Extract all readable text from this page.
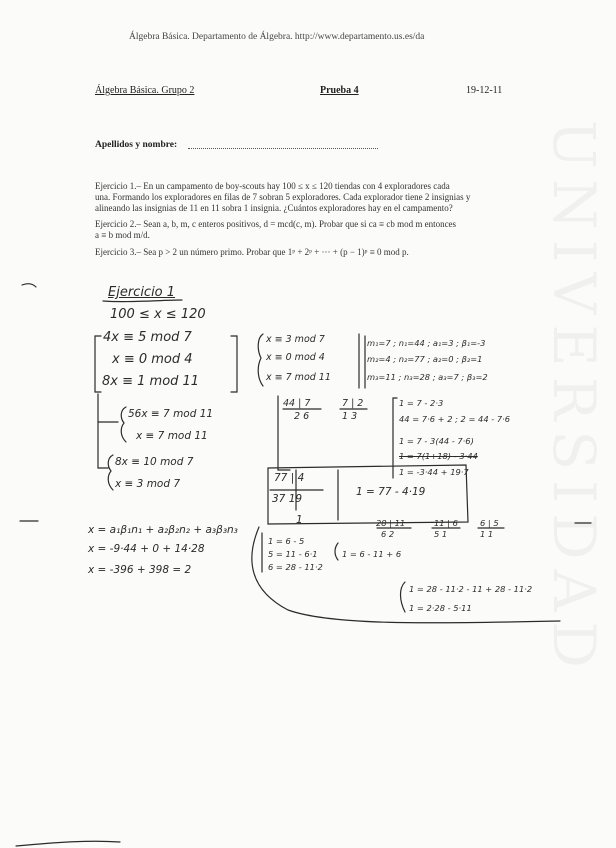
Álgebra Básica. Departamento de Álgebra. http://www.departamento.us.es/da
Álgebra Básica. Grupo 2	Prueba 4	19-12-11
Apellidos y nombre:
Ejercicio 1.– En un campamento de boy-scouts hay 100 ≤ x ≤ 120 tiendas con 4 exploradores cada
una. Formando los exploradores en filas de 7 sobran 5 exploradores. Cada explorador tiene 2 insignias y
alineando las insignias de 11 en 11 sobra 1 insignia. ¿Cuántos exploradores hay en el campamento?
Ejercicio 2.– Sean a, b, m, c enteros positivos, d = mcd(c, m). Probar que si ca ≡ cb mod m entonces
a ≡ b mod m/d.
Ejercicio 3.– Sea p > 2 un número primo. Probar que 1ᵖ + 2ᵖ + ··· + (p − 1)ᵖ ≡ 0 mod p.
Ejercicio 1
100 ≤ x ≤ 120
4x ≡ 5 mod 7
x ≡ 0 mod 4
8x ≡ 1 mod 11
56x ≡ 7 mod 11
x ≡ 7 mod 11
8x ≡ 10 mod 7
x ≡ 3 mod 7
x ≡ 3 mod 7
x ≡ 0 mod 4
x ≡ 7 mod 11
m₁=7 ; n₁=44 ; a₁=3 ; β₁=-3
m₂=4 ; n₂=77 ; a₂=0 ; β₂=1
m₃=11 ; n₃=28 ; a₃=7 ; β₃=2
44 | 7
2 6
7 | 2
1 3
1 = 7 - 2·3
44 = 7·6 + 2 ; 2 = 44 - 7·6
1 = 7 - 3(44 - 7·6)
1 = 7(1+18) - 3·44
1 = -3·44 + 19·7
77 | 4
37 19
1
1 = 77 - 4·19
28 | 11
6 2
11 | 6
5 1
6 | 5
1 1
x = a₁β₁n₁ + a₂β₂n₂ + a₃β₃n₃
x = -9·44 + 0 + 14·28
x = -396 + 398 = 2
1 = 6 - 5
5 = 11 - 6·1
6 = 28 - 11·2
1 = 6 - 11 + 6
1 = 28 - 11·2 - 11 + 28 - 11·2
1 = 2·28 - 5·11
